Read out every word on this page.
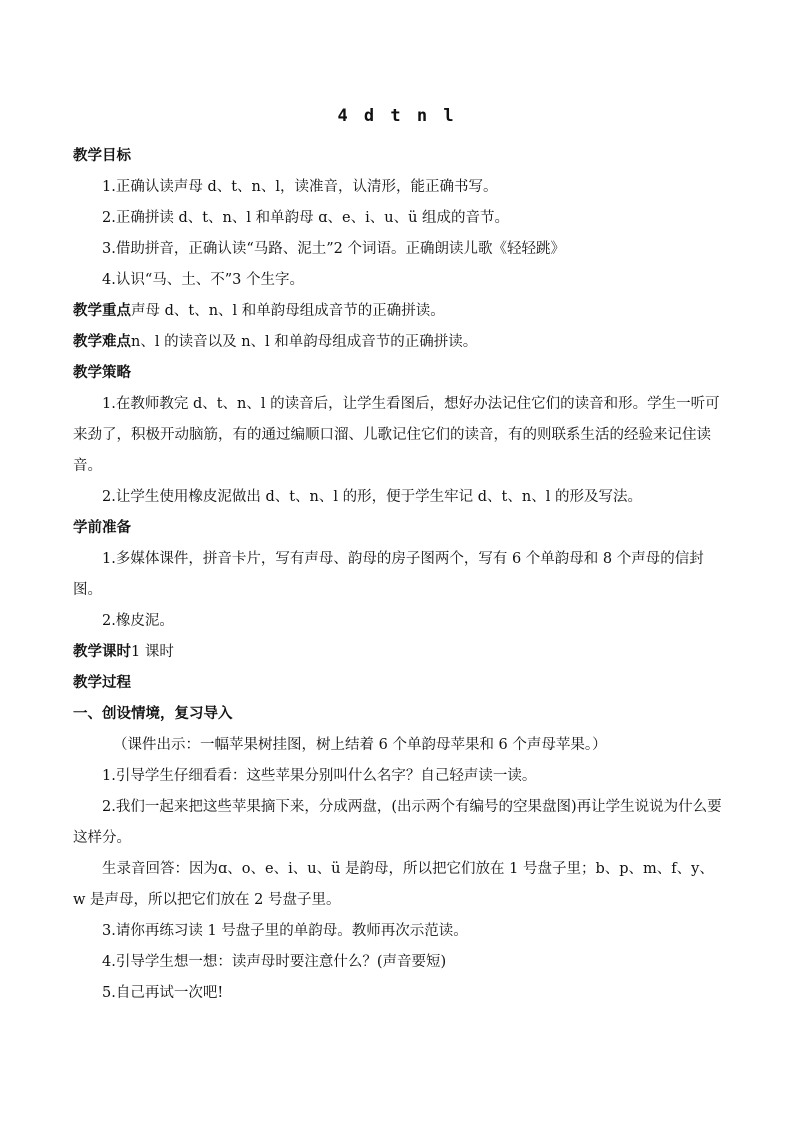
4 d t n l

教学目标

1.正确认读声母 d、t、n、l，读准音，认清形，能正确书写。

2.正确拼读 d、t、n、l 和单韵母 ɑ、e、i、u、ü 组成的音节。

3.借助拼音，正确认读“马路、泥土”2 个词语。正确朗读儿歌《轻轻跳》

4.认识“马、土、不”3 个生字。

教学重点声母 d、t、n、l 和单韵母组成音节的正确拼读。

教学难点n、l 的读音以及 n、l 和单韵母组成音节的正确拼读。

教学策略

1.在教师教完 d、t、n、l 的读音后，让学生看图后，想好办法记住它们的读音和形。学生一听可来劲了，积极开动脑筋，有的通过编顺口溜、儿歌记住它们的读音，有的则联系生活的经验来记住读音。

2.让学生使用橡皮泥做出 d、t、n、l 的形，便于学生牢记 d、t、n、l 的形及写法。

学前准备

1.多媒体课件，拼音卡片，写有声母、韵母的房子图两个，写有 6 个单韵母和 8 个声母的信封图。

2.橡皮泥。

教学课时1 课时

教学过程

一、创设情境，复习导入

（课件出示：一幅苹果树挂图，树上结着 6 个单韵母苹果和 6 个声母苹果。）

1.引导学生仔细看看：这些苹果分别叫什么名字？自己轻声读一读。

2.我们一起来把这些苹果摘下来，分成两盘，(出示两个有编号的空果盘图)再让学生说说为什么要这样分。

生录音回答：因为ɑ、o、e、i、u、ü 是韵母，所以把它们放在 1 号盘子里；b、p、m、f、y、w 是声母，所以把它们放在 2 号盘子里。

3.请你再练习读 1 号盘子里的单韵母。教师再次示范读。

4.引导学生想一想：读声母时要注意什么？(声音要短)

5.自己再试一次吧!
